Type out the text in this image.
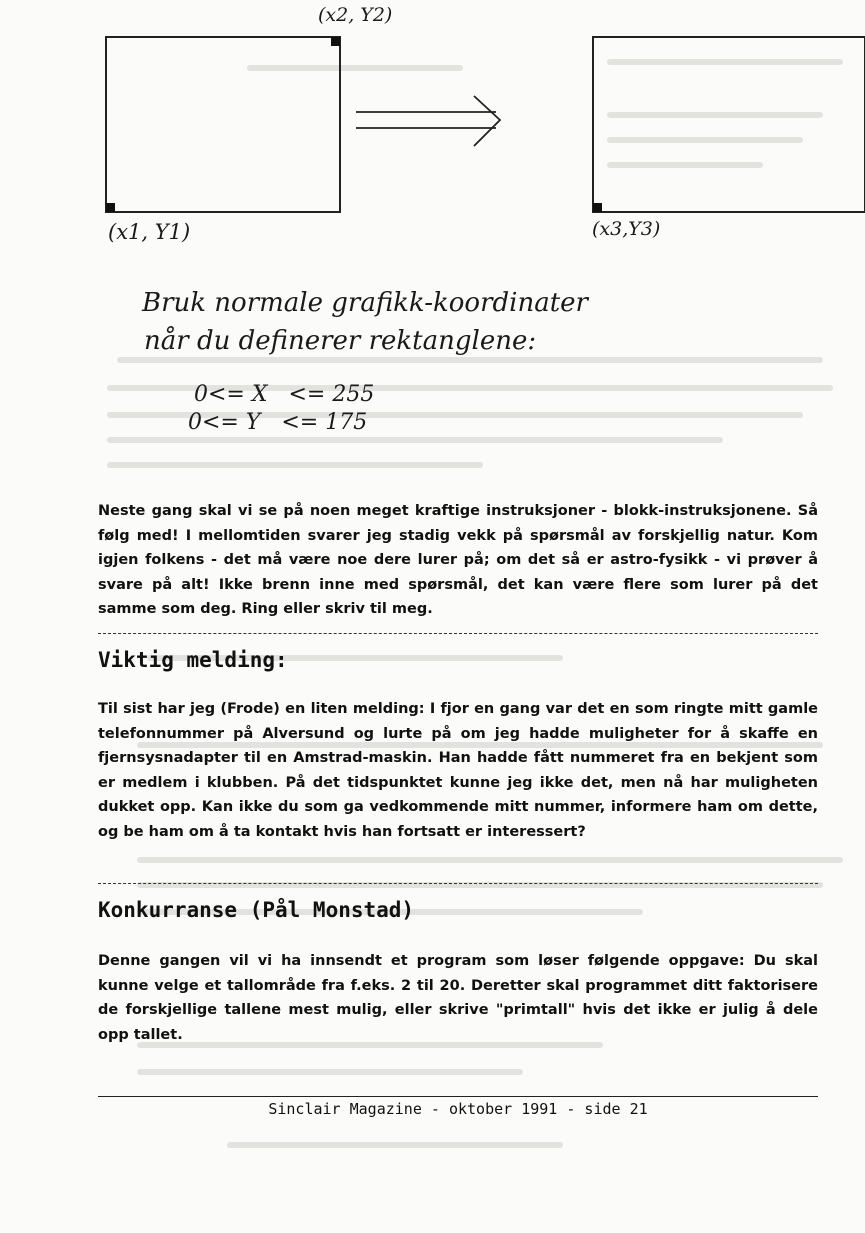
(x2, Y2)
(x1, Y1)	(x3,Y3)
Bruk normale grafikk-koordinater
når du definerer rektanglene:
0<= X   <= 255
0<= Y   <= 175
Neste gang skal vi se på noen meget kraftige instruksjoner - blokk-instruksjonene. Så følg med! I mellomtiden svarer jeg stadig vekk på spørsmål av forskjellig natur. Kom igjen folkens - det må være noe dere lurer på; om det så er astro-fysikk - vi prøver å svare på alt! Ikke brenn inne med spørsmål, det kan være flere som lurer på det samme som deg. Ring eller skriv til meg.
Viktig melding:
Til sist har jeg (Frode) en liten melding: I fjor en gang var det en som ringte mitt gamle telefonnummer på Alversund og lurte på om jeg hadde muligheter for å skaffe en fjernsysnadapter til en Amstrad-maskin. Han hadde fått nummeret fra en bekjent som er medlem i klubben. På det tidspunktet kunne jeg ikke det, men nå har muligheten dukket opp. Kan ikke du som ga vedkommende mitt nummer, informere ham om dette, og be ham om å ta kontakt hvis han fortsatt er interessert?
Konkurranse (Pål Monstad)
Denne gangen vil vi ha innsendt et program som løser følgende oppgave: Du skal kunne velge et tallområde fra f.eks. 2 til 20. Deretter skal programmet ditt faktorisere de forskjellige tallene mest mulig, eller skrive "primtall" hvis det ikke er julig å dele opp tallet.
Sinclair Magazine - oktober 1991 - side 21
